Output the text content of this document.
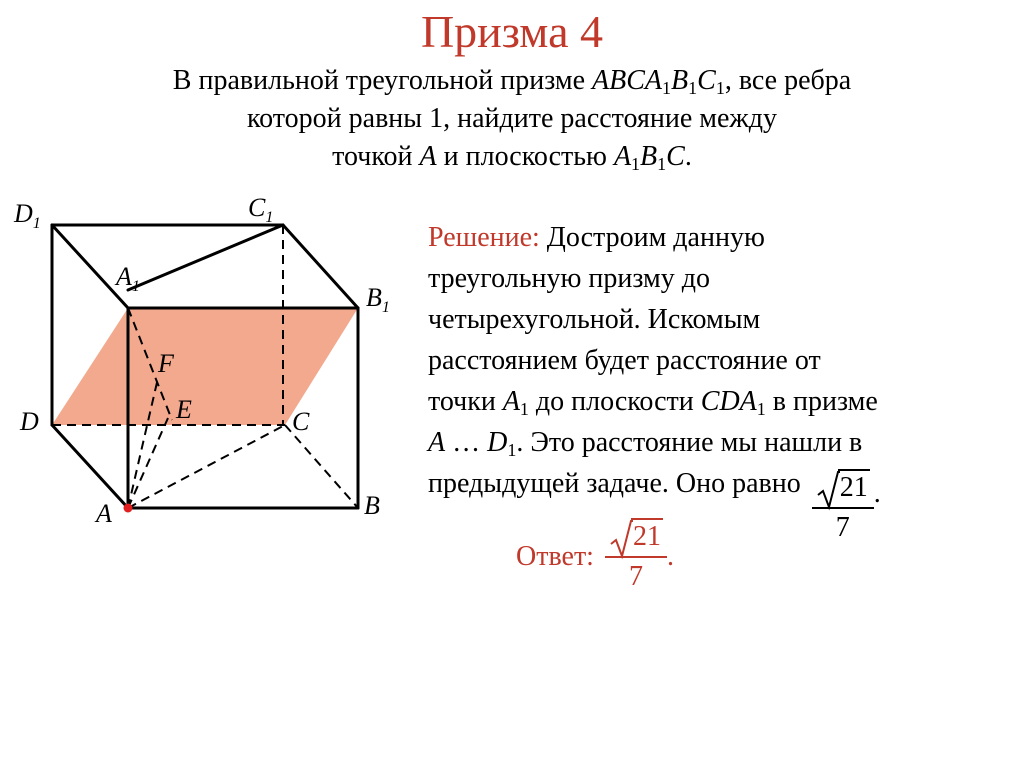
Призма 4
В правильной треугольной призме $ABCA_1B_1C_1$, все ребра
которой равны 1, найдите расстояние между
точкой A и плоскостью $A_1B_1C$.
$D_1$
$C_1$
$A_1$	$B_1$
F
E
D	C
A	B
Решение: Достроим данную
треугольную призму до
четырехугольной. Искомым
расстоянием будет расстояние от
точки $A_1$ до плоскости $CDA_1$ в призме
A … $D_1$. Это расстояние мы нашли в
предыдущей задаче. Оно равно $\frac{21}{7}$ .
Ответ: $\frac{21}{7}$ .
